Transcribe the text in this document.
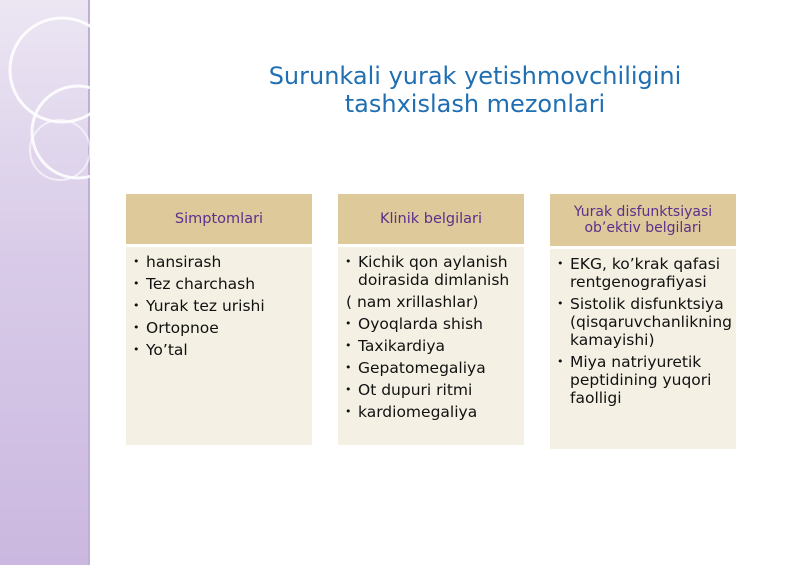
Surunkali yurak yetishmovchiligini
tashxislash mezonlari
Simptomlari
• hansirash
• Tez charchash
• Yurak tez urishi
• Ortopnoe
• Yo’tal
Klinik belgilari
• Kichik qon aylanish doirasida dimlanish
( nam xrillashlar)
• Oyoqlarda shish
• Taxikardiya
• Gepatomegaliya
• Ot dupuri ritmi
• kardiomegaliya
Yurak disfunktsiyasi ob’ektiv belgilari
• EKG, ko’krak qafasi rentgenografiyasi
• Sistolik disfunktsiya (qisqaruvchanlikning kamayishi)
• Miya natriyuretik peptidining yuqori faolligi
